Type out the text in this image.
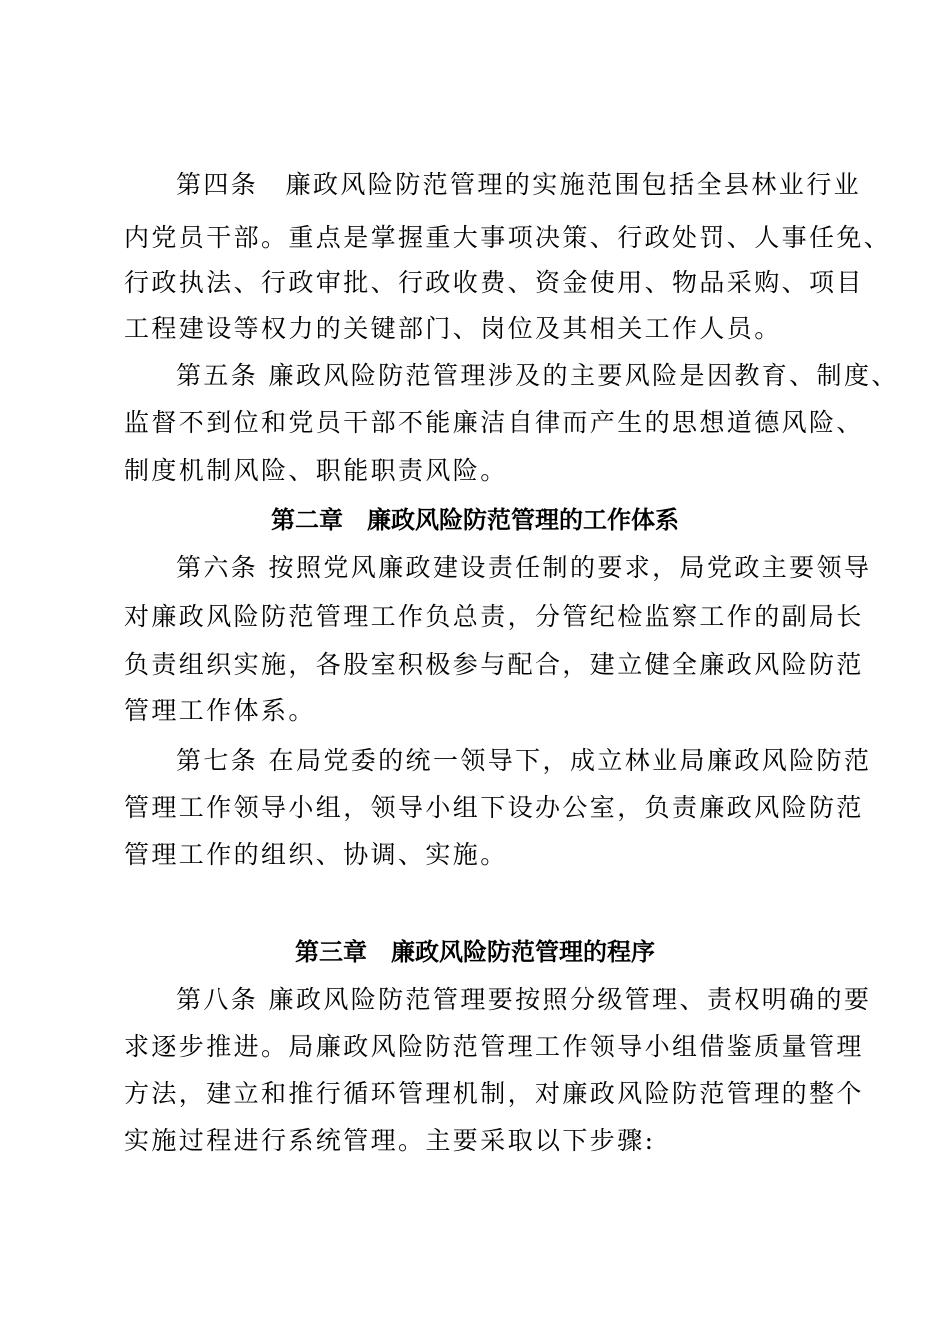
第四条　廉政风险防范管理的实施范围包括全县林业行业
内党员干部。重点是掌握重大事项决策、行政处罚、人事任免、
行政执法、行政审批、行政收费、资金使用、物品采购、项目
工程建设等权力的关键部门、岗位及其相关工作人员。
第五条 廉政风险防范管理涉及的主要风险是因教育、制度、
监督不到位和党员干部不能廉洁自律而产生的思想道德风险、
制度机制风险、职能职责风险。
第二章　廉政风险防范管理的工作体系
第六条 按照党风廉政建设责任制的要求，局党政主要领导
对廉政风险防范管理工作负总责，分管纪检监察工作的副局长
负责组织实施，各股室积极参与配合，建立健全廉政风险防范
管理工作体系。
第七条 在局党委的统一领导下，成立林业局廉政风险防范
管理工作领导小组，领导小组下设办公室，负责廉政风险防范
管理工作的组织、协调、实施。
第三章　廉政风险防范管理的程序
第八条 廉政风险防范管理要按照分级管理、责权明确的要
求逐步推进。局廉政风险防范管理工作领导小组借鉴质量管理
方法，建立和推行循环管理机制，对廉政风险防范管理的整个
实施过程进行系统管理。主要采取以下步骤:
